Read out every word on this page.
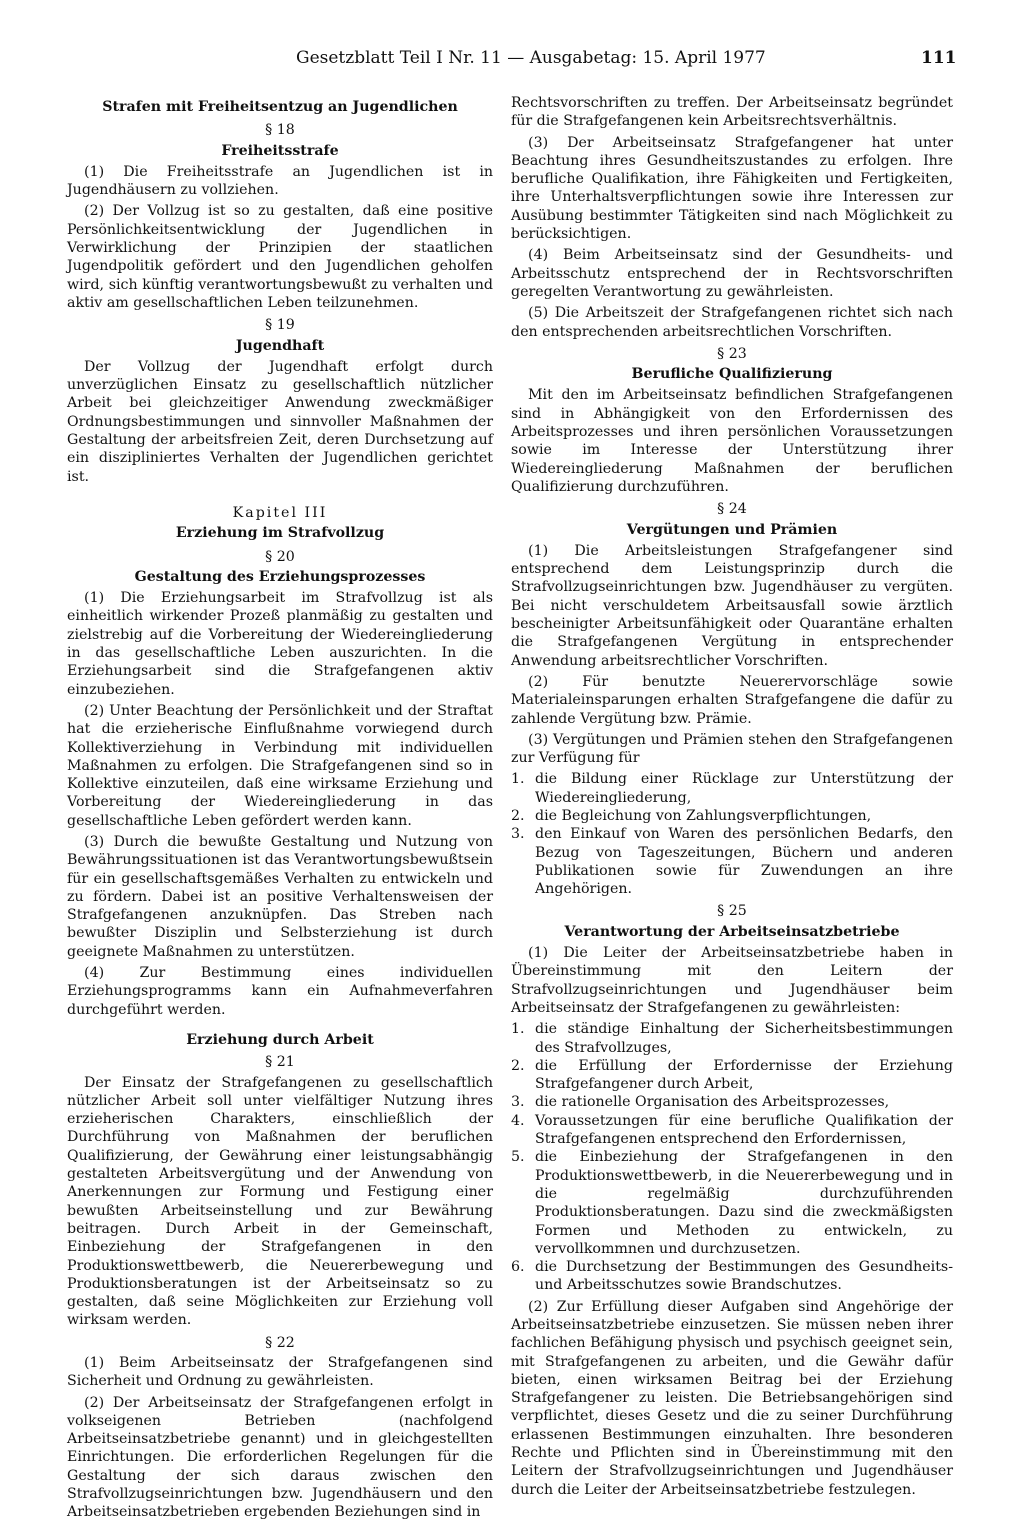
Gesetzblatt Teil I Nr. 11 — Ausgabetag: 15. April 1977	111
Strafen mit Freiheitsentzug an Jugendlichen
§ 18
Freiheitsstrafe

(1) Die Freiheitsstrafe an Jugendlichen ist in Jugendhäusern zu vollziehen.

(2) Der Vollzug ist so zu gestalten, daß eine positive Persönlichkeitsentwicklung der Jugendlichen in Verwirklichung der Prinzipien der staatlichen Jugendpolitik gefördert und den Jugendlichen geholfen wird, sich künftig verantwortungsbewußt zu verhalten und aktiv am gesellschaftlichen Leben teilzunehmen.

§ 19
Jugendhaft

Der Vollzug der Jugendhaft erfolgt durch unverzüglichen Einsatz zu gesellschaftlich nützlicher Arbeit bei gleichzeitiger Anwendung zweckmäßiger Ordnungsbestimmungen und sinnvoller Maßnahmen der Gestaltung der arbeitsfreien Zeit, deren Durchsetzung auf ein diszipliniertes Verhalten der Jugendlichen gerichtet ist.

Kapitel III
Erziehung im Strafvollzug
§ 20
Gestaltung des Erziehungsprozesses

(1) Die Erziehungsarbeit im Strafvollzug ist als einheitlich wirkender Prozeß planmäßig zu gestalten und zielstrebig auf die Vorbereitung der Wiedereingliederung in das gesellschaftliche Leben auszurichten. In die Erziehungsarbeit sind die Strafgefangenen aktiv einzubeziehen.

(2) Unter Beachtung der Persönlichkeit und der Straftat hat die erzieherische Einflußnahme vorwiegend durch Kollektiverziehung in Verbindung mit individuellen Maßnahmen zu erfolgen. Die Strafgefangenen sind so in Kollektive einzuteilen, daß eine wirksame Erziehung und Vorbereitung der Wiedereingliederung in das gesellschaftliche Leben gefördert werden kann.

(3) Durch die bewußte Gestaltung und Nutzung von Bewährungssituationen ist das Verantwortungsbewußtsein für ein gesellschaftsgemäßes Verhalten zu entwickeln und zu fördern. Dabei ist an positive Verhaltensweisen der Strafgefangenen anzuknüpfen. Das Streben nach bewußter Disziplin und Selbsterziehung ist durch geeignete Maßnahmen zu unterstützen.

(4) Zur Bestimmung eines individuellen Erziehungsprogramms kann ein Aufnahmeverfahren durchgeführt werden.

Erziehung durch Arbeit
§ 21

Der Einsatz der Strafgefangenen zu gesellschaftlich nützlicher Arbeit soll unter vielfältiger Nutzung ihres erzieherischen Charakters, einschließlich der Durchführung von Maßnahmen der beruflichen Qualifizierung, der Gewährung einer leistungsabhängig gestalteten Arbeitsvergütung und der Anwendung von Anerkennungen zur Formung und Festigung einer bewußten Arbeitseinstellung und zur Bewährung beitragen. Durch Arbeit in der Gemeinschaft, Einbeziehung der Strafgefangenen in den Produktionswettbewerb, die Neuererbewegung und Produktionsberatungen ist der Arbeitseinsatz so zu gestalten, daß seine Möglichkeiten zur Erziehung voll wirksam werden.

§ 22

(1) Beim Arbeitseinsatz der Strafgefangenen sind Sicherheit und Ordnung zu gewährleisten.

(2) Der Arbeitseinsatz der Strafgefangenen erfolgt in volkseigenen Betrieben (nachfolgend Arbeitseinsatzbetriebe genannt) und in gleichgestellten Einrichtungen. Die erforderlichen Regelungen für die Gestaltung der sich daraus zwischen den Strafvollzugseinrichtungen bzw. Jugendhäusern und den Arbeitseinsatzbetrieben ergebenden Beziehungen sind in

Rechtsvorschriften zu treffen. Der Arbeitseinsatz begründet für die Strafgefangenen kein Arbeitsrechtsverhältnis.

(3) Der Arbeitseinsatz Strafgefangener hat unter Beachtung ihres Gesundheitszustandes zu erfolgen. Ihre berufliche Qualifikation, ihre Fähigkeiten und Fertigkeiten, ihre Unterhaltsverpflichtungen sowie ihre Interessen zur Ausübung bestimmter Tätigkeiten sind nach Möglichkeit zu berücksichtigen.

(4) Beim Arbeitseinsatz sind der Gesundheits- und Arbeitsschutz entsprechend der in Rechtsvorschriften geregelten Verantwortung zu gewährleisten.

(5) Die Arbeitszeit der Strafgefangenen richtet sich nach den entsprechenden arbeitsrechtlichen Vorschriften.

§ 23
Berufliche Qualifizierung

Mit den im Arbeitseinsatz befindlichen Strafgefangenen sind in Abhängigkeit von den Erfordernissen des Arbeitsprozesses und ihren persönlichen Voraussetzungen sowie im Interesse der Unterstützung ihrer Wiedereingliederung Maßnahmen der beruflichen Qualifizierung durchzuführen.

§ 24
Vergütungen und Prämien

(1) Die Arbeitsleistungen Strafgefangener sind entsprechend dem Leistungsprinzip durch die Strafvollzugseinrichtungen bzw. Jugendhäuser zu vergüten. Bei nicht verschuldetem Arbeitsausfall sowie ärztlich bescheinigter Arbeitsunfähigkeit oder Quarantäne erhalten die Strafgefangenen Vergütung in entsprechender Anwendung arbeitsrechtlicher Vorschriften.

(2) Für benutzte Neuerervorschläge sowie Materialeinsparungen erhalten Strafgefangene die dafür zu zahlende Vergütung bzw. Prämie.

(3) Vergütungen und Prämien stehen den Strafgefangenen zur Verfügung für

1. die Bildung einer Rücklage zur Unterstützung der Wiedereingliederung,
2. die Begleichung von Zahlungsverpflichtungen,
3. den Einkauf von Waren des persönlichen Bedarfs, den Bezug von Tageszeitungen, Büchern und anderen Publikationen sowie für Zuwendungen an ihre Angehörigen.
§ 25
Verantwortung der Arbeitseinsatzbetriebe

(1) Die Leiter der Arbeitseinsatzbetriebe haben in Übereinstimmung mit den Leitern der Strafvollzugseinrichtungen und Jugendhäuser beim Arbeitseinsatz der Strafgefangenen zu gewährleisten:

1. die ständige Einhaltung der Sicherheitsbestimmungen des Strafvollzuges,
2. die Erfüllung der Erfordernisse der Erziehung Strafgefangener durch Arbeit,
3. die rationelle Organisation des Arbeitsprozesses,
4. Voraussetzungen für eine berufliche Qualifikation der Strafgefangenen entsprechend den Erfordernissen,
5. die Einbeziehung der Strafgefangenen in den Produktionswettbewerb, in die Neuererbewegung und in die regelmäßig durchzuführenden Produktionsberatungen. Dazu sind die zweckmäßigsten Formen und Methoden zu entwickeln, zu vervollkommnen und durchzusetzen.
6. die Durchsetzung der Bestimmungen des Gesundheits- und Arbeitsschutzes sowie Brandschutzes.

(2) Zur Erfüllung dieser Aufgaben sind Angehörige der Arbeitseinsatzbetriebe einzusetzen. Sie müssen neben ihrer fachlichen Befähigung physisch und psychisch geeignet sein, mit Strafgefangenen zu arbeiten, und die Gewähr dafür bieten, einen wirksamen Beitrag bei der Erziehung Strafgefangener zu leisten. Die Betriebsangehörigen sind verpflichtet, dieses Gesetz und die zu seiner Durchführung erlassenen Bestimmungen einzuhalten. Ihre besonderen Rechte und Pflichten sind in Übereinstimmung mit den Leitern der Strafvollzugseinrichtungen und Jugendhäuser durch die Leiter der Arbeitseinsatzbetriebe festzulegen.
